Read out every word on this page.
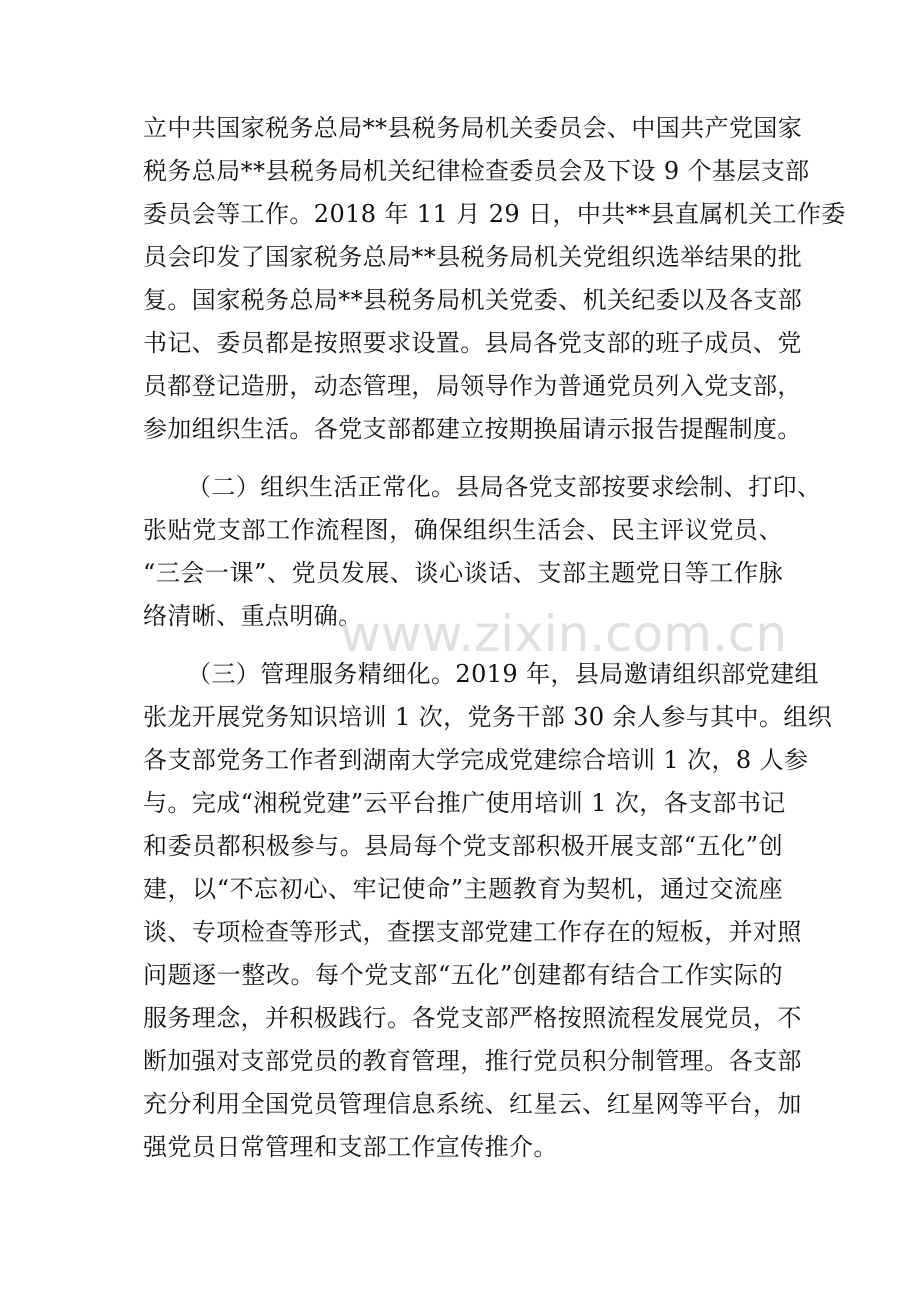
立中共国家税务总局**县税务局机关委员会、中国共产党国家
税务总局**县税务局机关纪律检查委员会及下设 9 个基层支部
委员会等工作。2018 年 11 月 29 日，中共**县直属机关工作委
员会印发了国家税务总局**县税务局机关党组织选举结果的批
复。国家税务总局**县税务局机关党委、机关纪委以及各支部
书记、委员都是按照要求设置。县局各党支部的班子成员、党
员都登记造册，动态管理，局领导作为普通党员列入党支部，
参加组织生活。各党支部都建立按期换届请示报告提醒制度。
（二）组织生活正常化。县局各党支部按要求绘制、打印、
张贴党支部工作流程图，确保组织生活会、民主评议党员、
“三会一课”、党员发展、谈心谈话、支部主题党日等工作脉
络清晰、重点明确。
（三）管理服务精细化。2019 年，县局邀请组织部党建组
张龙开展党务知识培训 1 次，党务干部 30 余人参与其中。组织
各支部党务工作者到湖南大学完成党建综合培训 1 次，8 人参
与。完成“湘税党建”云平台推广使用培训 1 次，各支部书记
和委员都积极参与。县局每个党支部积极开展支部“五化”创
建，以“不忘初心、牢记使命”主题教育为契机，通过交流座
谈、专项检查等形式，查摆支部党建工作存在的短板，并对照
问题逐一整改。每个党支部“五化”创建都有结合工作实际的
服务理念，并积极践行。各党支部严格按照流程发展党员，不
断加强对支部党员的教育管理，推行党员积分制管理。各支部
充分利用全国党员管理信息系统、红星云、红星网等平台，加
强党员日常管理和支部工作宣传推介。
www.zixin.com.cn
